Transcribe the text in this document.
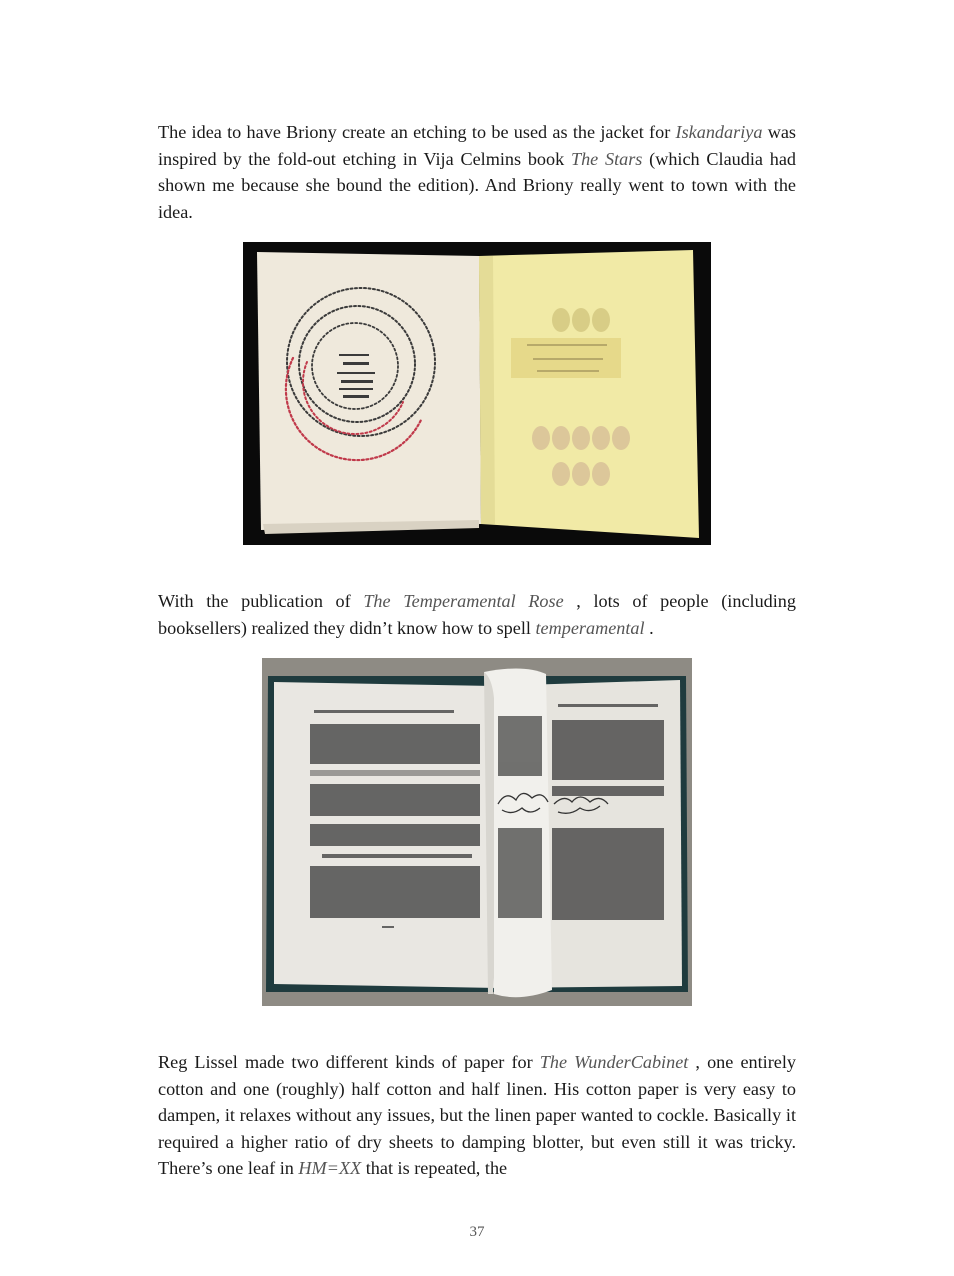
The idea to have Briony create an etching to be used as the jacket for Iskandariya was inspired by the fold-out etching in Vija Celmins book The Stars (which Claudia had shown me because she bound the edition). And Briony really went to town with the idea.

With the publication of The Temperamental Rose , lots of people (including booksellers) realized they didn’t know how to spell temperamental .

Reg Lissel made two different kinds of paper for The WunderCabinet , one entirely cotton and one (roughly) half cotton and half linen. His cotton paper is very easy to dampen, it relaxes without any issues, but the linen paper wanted to cockle. Basically it required a higher ratio of dry sheets to damping blotter, but even still it was tricky. There’s one leaf in HM=XX that is repeated, the

37
